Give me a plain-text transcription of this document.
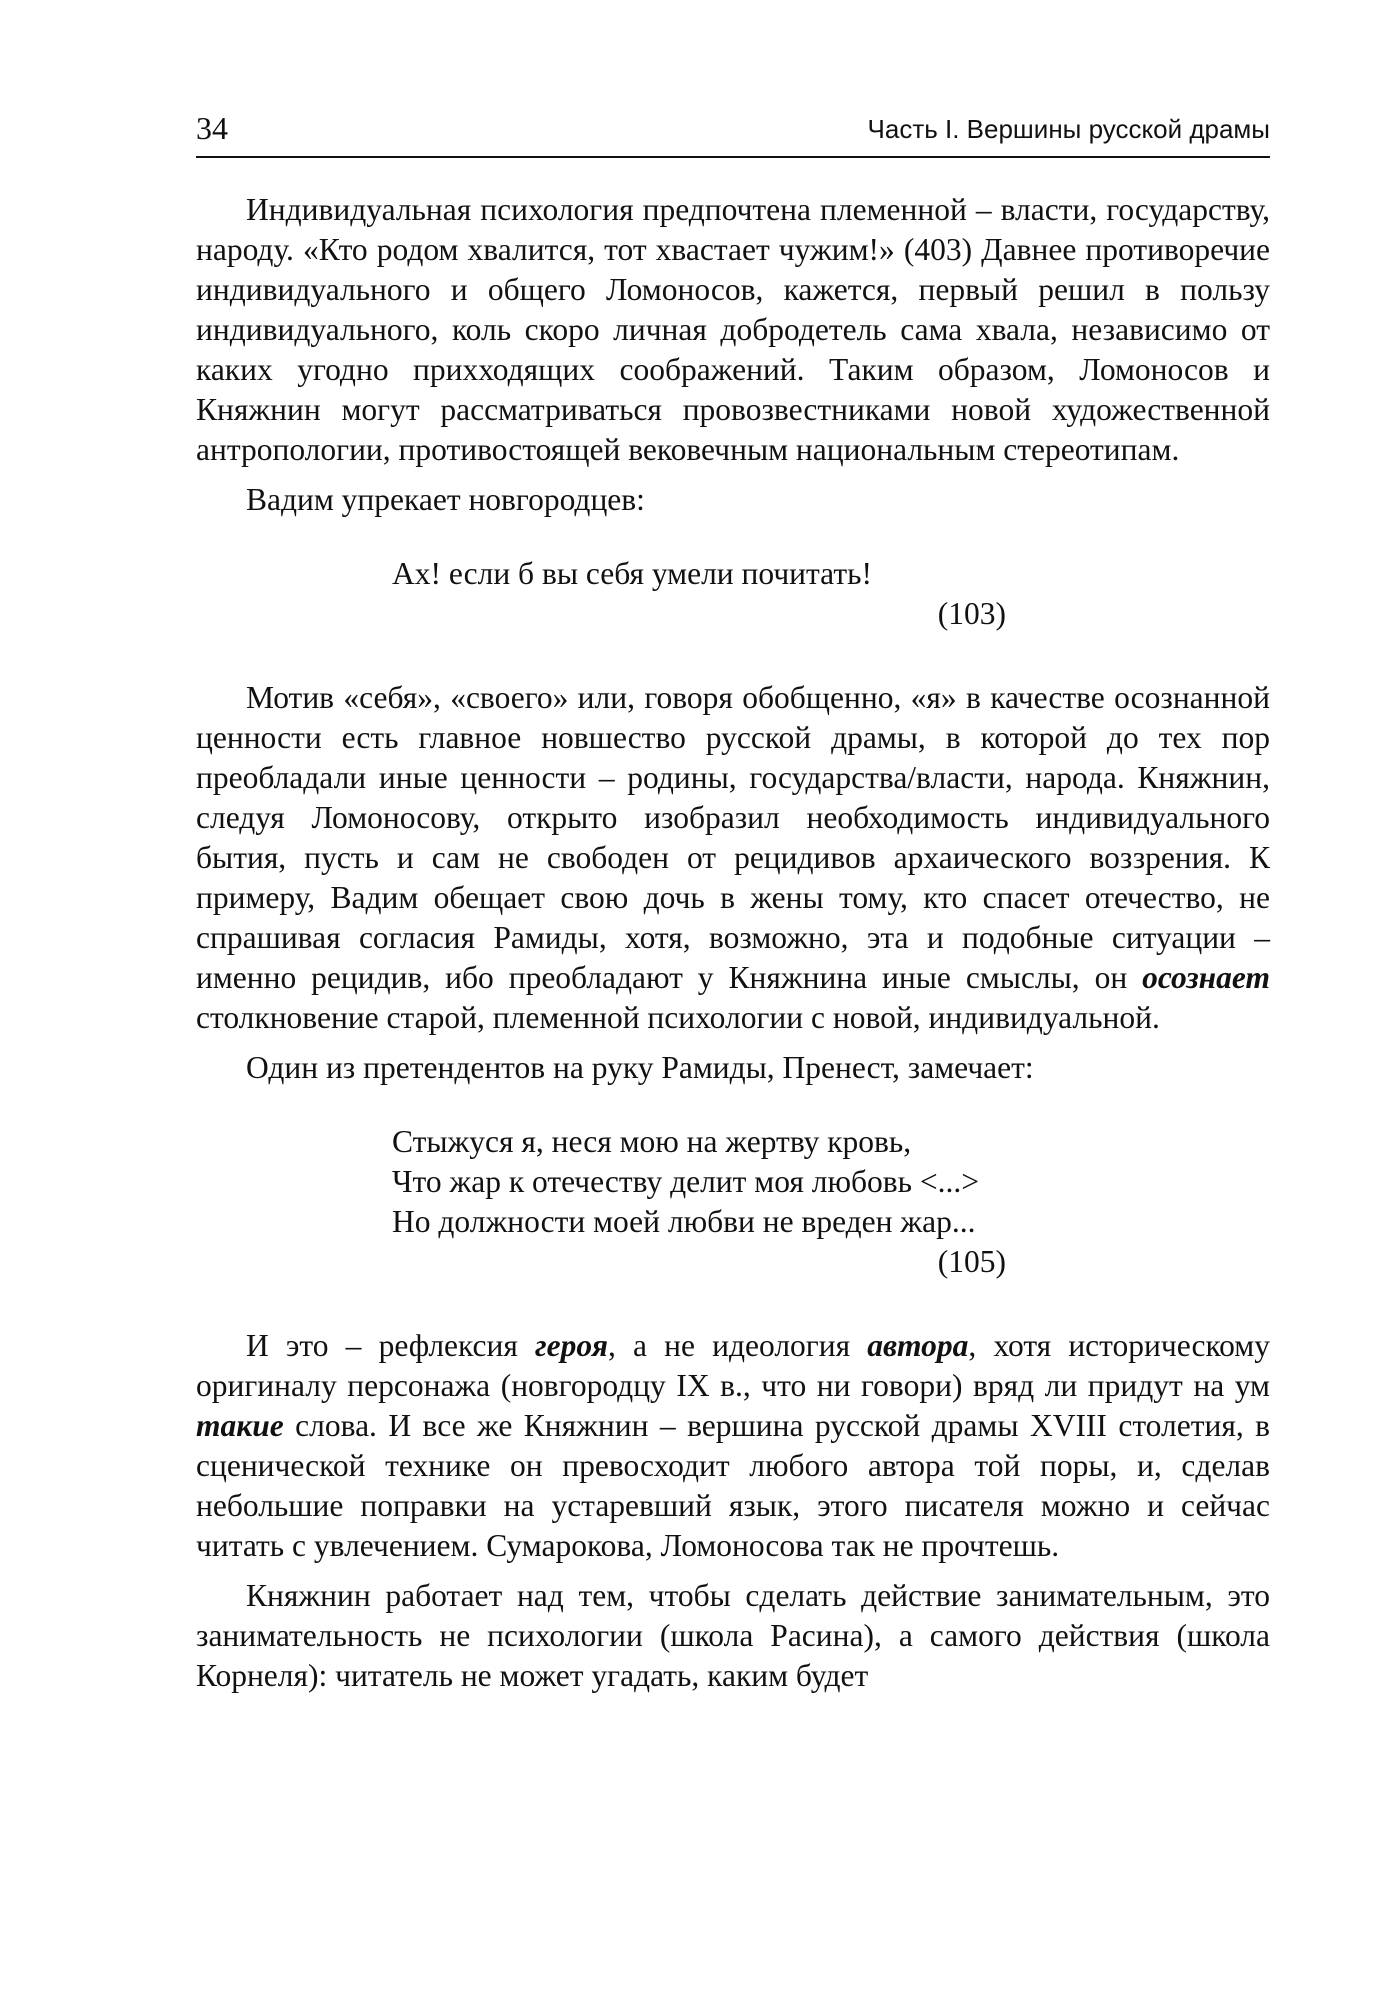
34	Часть I. Вершины русской драмы

Индивидуальная психология предпочтена племенной – власти, государству, народу. «Кто родом хвалится, тот хвастает чужим!» (403) Давнее противоречие индивидуального и общего Ломоносов, кажется, первый решил в пользу индивидуального, коль скоро личная добродетель сама хвала, независимо от каких угодно прихходящих соображений. Таким образом, Ломоносов и Княжнин могут рассматриваться провозвестниками новой художественной антропологии, противостоящей вековечным национальным стереотипам.

Вадим упрекает новгородцев:

Ах! если б вы себя умели почитать!
(103)

Мотив «себя», «своего» или, говоря обобщенно, «я» в качестве осознанной ценности есть главное новшество русской драмы, в которой до тех пор преобладали иные ценности – родины, государства/власти, народа. Княжнин, следуя Ломоносову, открыто изобразил необходимость индивидуального бытия, пусть и сам не свободен от рецидивов архаического воззрения. К примеру, Вадим обещает свою дочь в жены тому, кто спасет отечество, не спрашивая согласия Рамиды, хотя, возможно, эта и подобные ситуации – именно рецидив, ибо преобладают у Княжнина иные смыслы, он осознает столкновение старой, племенной психологии с новой, индивидуальной.

Один из претендентов на руку Рамиды, Пренест, замечает:

Стыжуся я, неся мою на жертву кровь,
Что жар к отечеству делит моя любовь <...>
Но должности моей любви не вреден жар...
(105)

И это – рефлексия героя, а не идеология автора, хотя историческому оригиналу персонажа (новгородцу IX в., что ни говори) вряд ли придут на ум такие слова. И все же Княжнин – вершина русской драмы XVIII столетия, в сценической технике он превосходит любого автора той поры, и, сделав небольшие поправки на устаревший язык, этого писателя можно и сейчас читать с увлечением. Сумарокова, Ломоносова так не прочтешь.

Княжнин работает над тем, чтобы сделать действие занимательным, это занимательность не психологии (школа Расина), а самого действия (школа Корнеля): читатель не может угадать, каким будет
